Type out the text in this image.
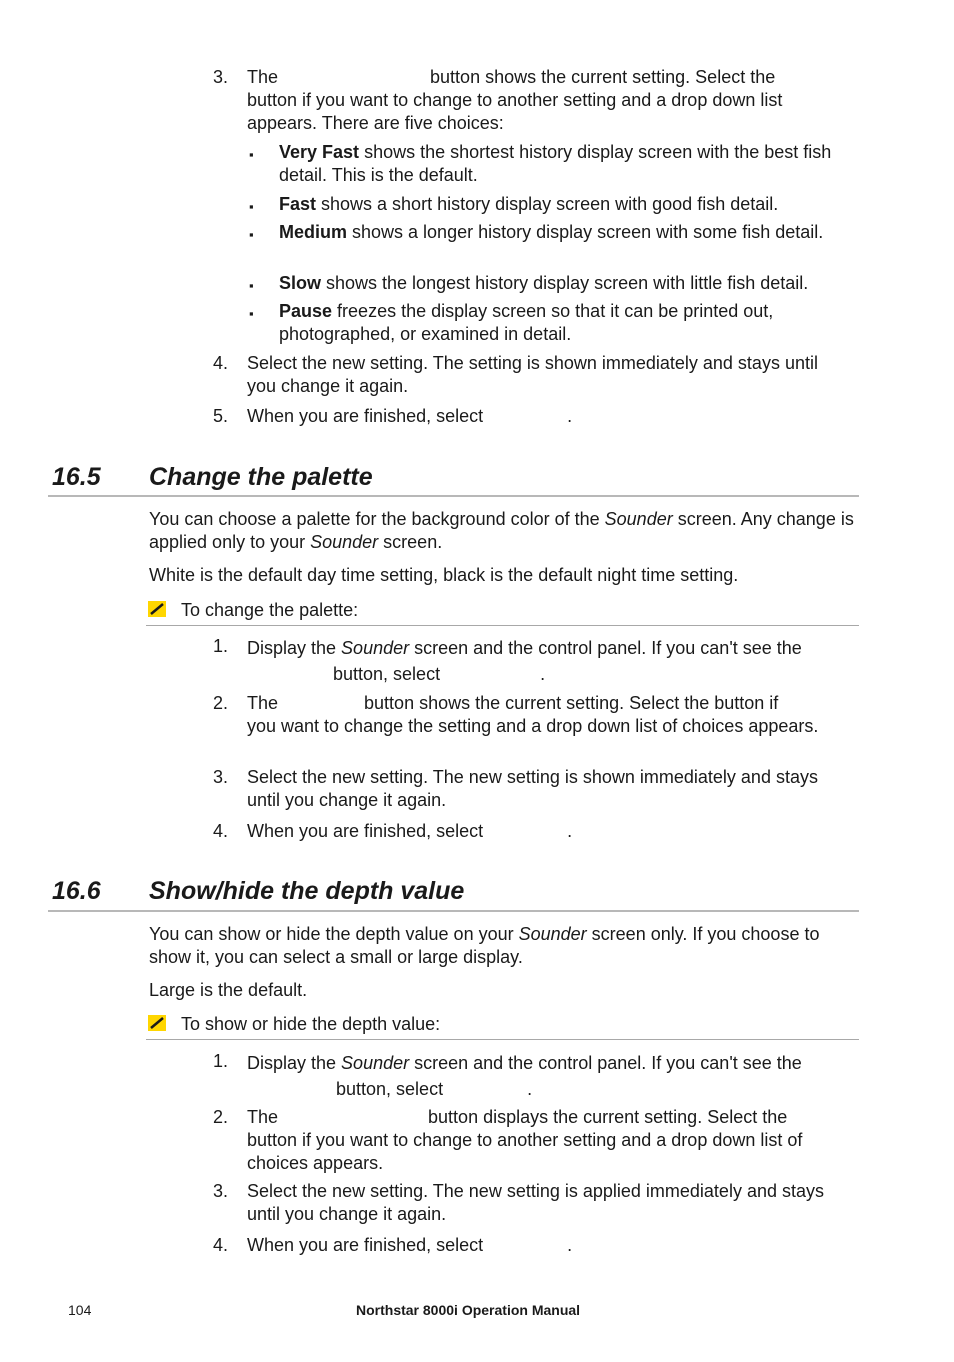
3.	The	button shows the current setting. Select the
button if you want to change to another setting and a drop down list appears. There are five choices:
▪ Very Fast shows the shortest history display screen with the best fish detail. This is the default.
▪ Fast shows a short history display screen with good fish detail.
▪ Medium shows a longer history display screen with some fish detail.
▪ Slow shows the longest history display screen with little fish detail.
▪ Pause freezes the display screen so that it can be printed out, photographed, or examined in detail.
4.	Select the new setting. The setting is shown immediately and stays until you change it again.
5.	When you are finished, select	.
16.5 Change the palette
You can choose a palette for the background color of the Sounder screen. Any change is applied only to your Sounder screen.
White is the default day time setting, black is the default night time setting.
To change the palette:
1.	Display the Sounder screen and the control panel. If you can't see the
button, select	.
2.	The	button shows the current setting. Select the button if
you want to change the setting and a drop down list of choices appears.
3.	Select the new setting. The new setting is shown immediately and stays until you change it again.
4.	When you are finished, select	.
16.6 Show/hide the depth value
You can show or hide the depth value on your Sounder screen only. If you choose to show it, you can select a small or large display.
Large is the default.
To show or hide the depth value:
1.	Display the Sounder screen and the control panel. If you can't see the
button, select	.
2.	The	button displays the current setting. Select the
button if you want to change to another setting and a drop down list of choices appears.
3.	Select the new setting. The new setting is applied immediately and stays until you change it again.
4.	When you are finished, select	.
104	Northstar 8000i Operation Manual
